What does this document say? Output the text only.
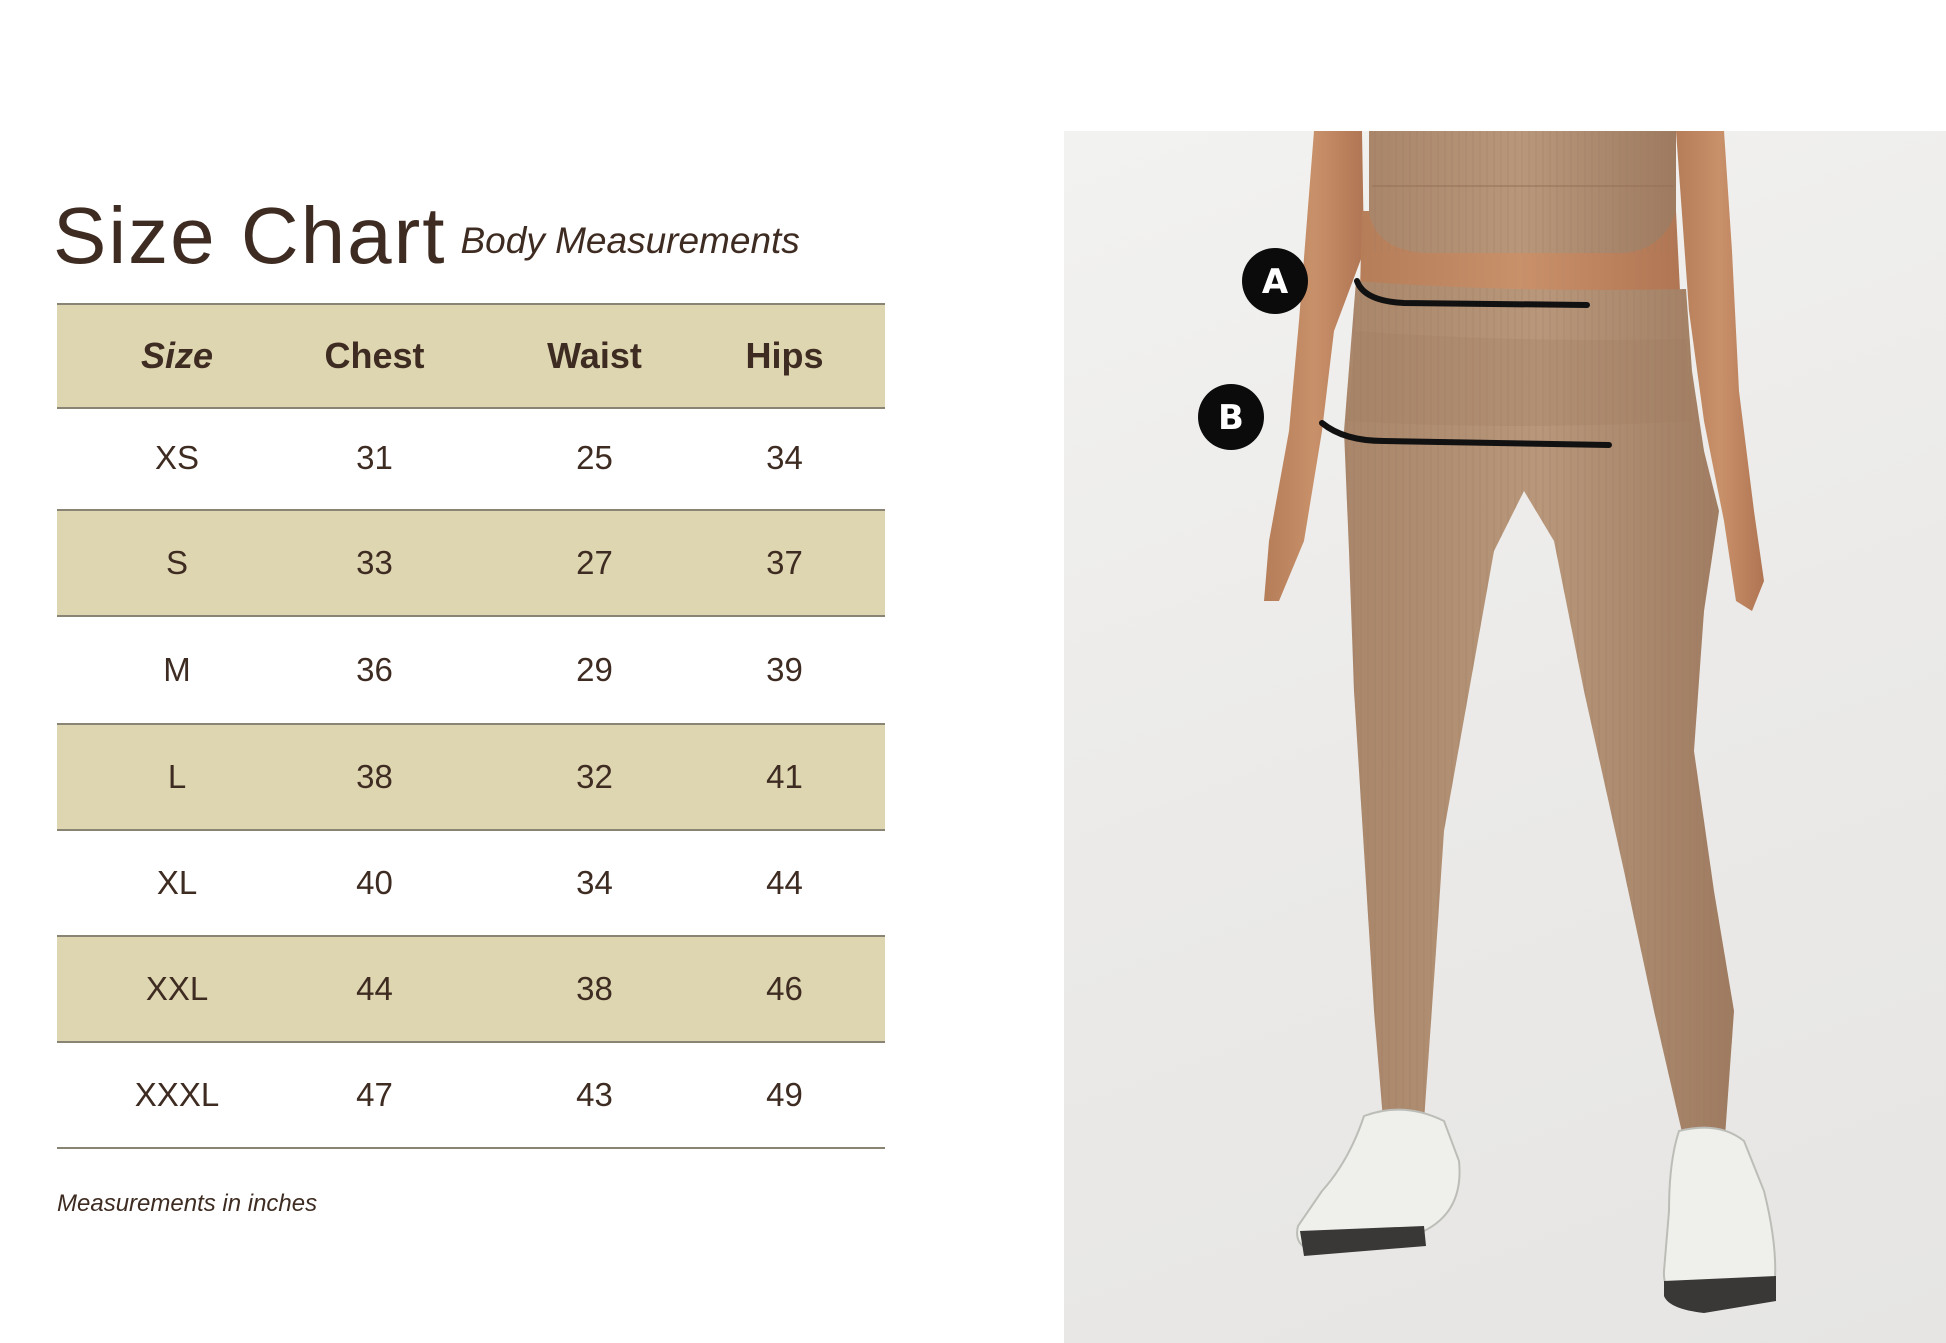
Size Chart Body Measurements
Size	Chest	Waist	Hips
XS	31	25	34
S	33	27	37
M	36	29	39
L	38	32	41
XL	40	34	44
XXL	44	38	46
XXXL	47	43	49
Measurements in inches
A
B
